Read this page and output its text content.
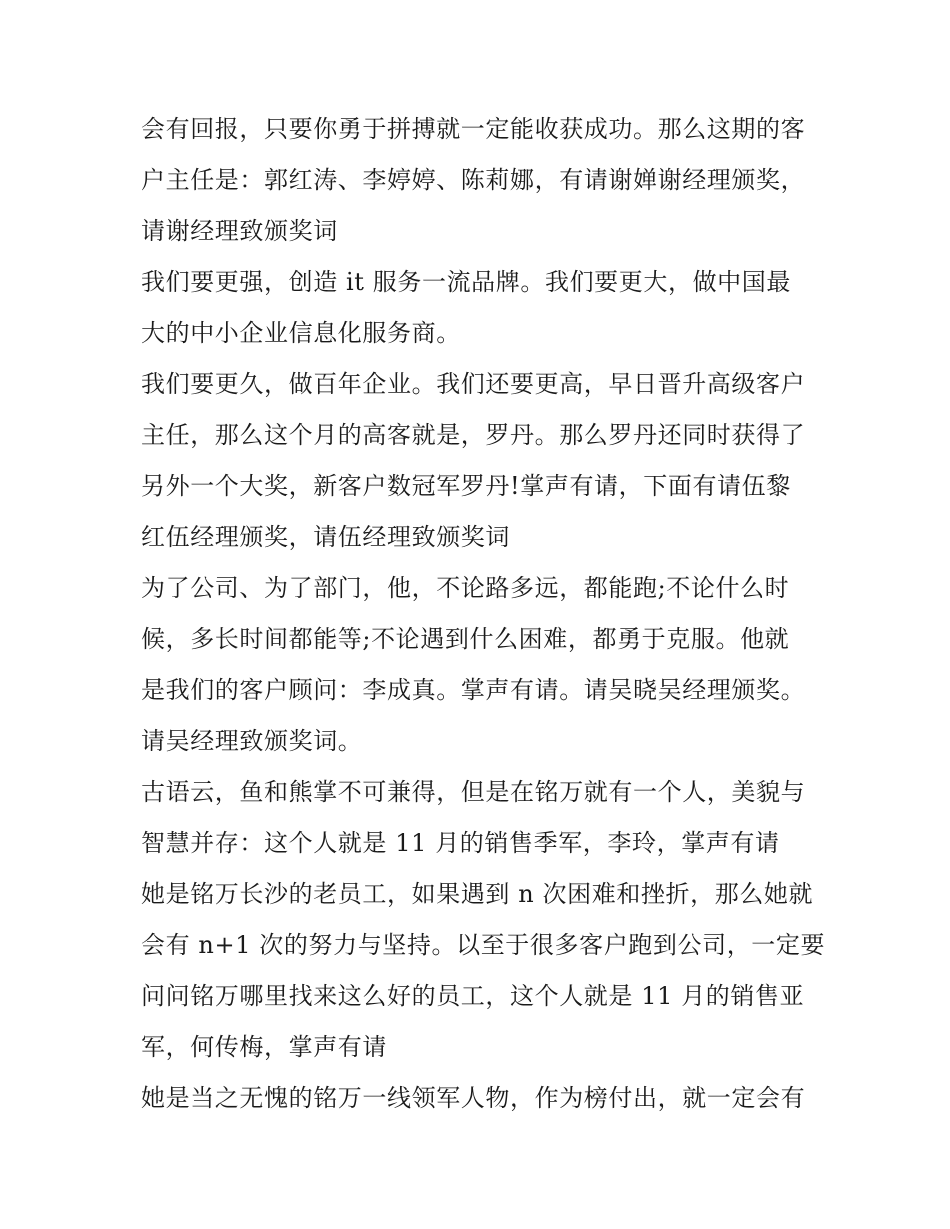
会有回报，只要你勇于拼搏就一定能收获成功。那么这期的客
户主任是：郭红涛、李婷婷、陈莉娜，有请谢婵谢经理颁奖，
请谢经理致颁奖词
我们要更强，创造 it 服务一流品牌。我们要更大，做中国最
大的中小企业信息化服务商。
我们要更久，做百年企业。我们还要更高，早日晋升高级客户
主任，那么这个月的高客就是，罗丹。那么罗丹还同时获得了
另外一个大奖，新客户数冠军罗丹!掌声有请，下面有请伍黎
红伍经理颁奖，请伍经理致颁奖词
为了公司、为了部门，他，不论路多远，都能跑;不论什么时
候，多长时间都能等;不论遇到什么困难，都勇于克服。他就
是我们的客户顾问：李成真。掌声有请。请吴晓吴经理颁奖。
请吴经理致颁奖词。
古语云，鱼和熊掌不可兼得，但是在铭万就有一个人，美貌与
智慧并存：这个人就是 11 月的销售季军，李玲，掌声有请
她是铭万长沙的老员工，如果遇到 n 次困难和挫折，那么她就
会有 n+1 次的努力与坚持。以至于很多客户跑到公司，一定要
问问铭万哪里找来这么好的员工，这个人就是 11 月的销售亚
军，何传梅，掌声有请
她是当之无愧的铭万一线领军人物，作为榜付出，就一定会有
